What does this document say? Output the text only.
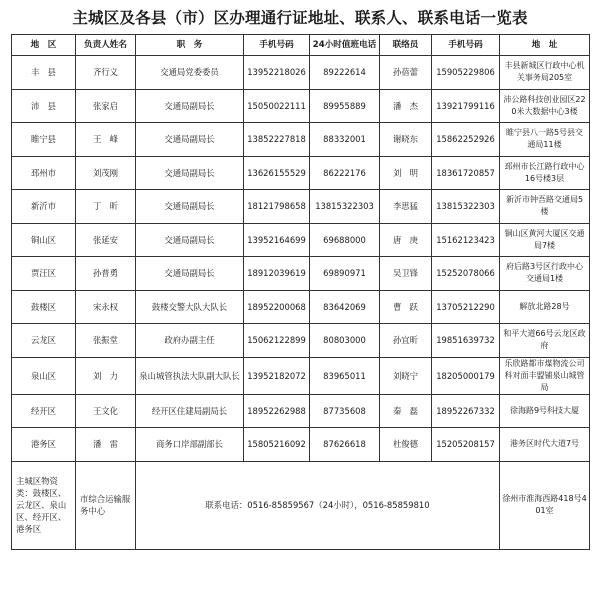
主城区及各县（市）区办理通行证地址、联系人、联系电话一览表
地　区	负责人姓名	职　务	手机号码	24小时值班电话	联络员	手机号码	地　址
丰　县	齐行义	交通局党委委员	13952218026	89222614	孙蓓蕾	15905229806	丰县新城区行政中心机关事务局205室
沛　县	张家启	交通局副局长	15050022111	89955889	潘　杰	13921799116	沛公路科技创业园区220米大数据中心3楼
睢宁县	王　峰	交通局副局长	13852227818	88332001	谢晓东	15862252926	睢宁县八一路5号县交通局11楼
邳州市	刘茂刚	交通局副局长	13626155529	86222176	刘　明	18361720857	邳州市长江路行政中心16号楼3层
新沂市	丁　昕	交通局副局长	18121798658	13815322303	李思猛	13815322303	新沂市钟吾路交通局5楼
铜山区	张延安	交通局副局长	13952164699	69688000	唐　庚	15162123423	铜山区黄河大厦区交通局7楼
贾汪区	孙普勇	交通局副局长	18912039619	69890971	吴卫锋	15252078066	府后路3号区行政中心交通局1楼
鼓楼区	宋永权	鼓楼交警大队大队长	18952200068	83642069	曹　跃	13705212290	解放北路28号
云龙区	张振堂	政府办副主任	15062122899	80803000	孙宜昕	19851639732	和平大道66号云龙区政府
泉山区	刘　力	泉山城管执法大队副大队长	13952182072	83965011	刘晓宁	18205000179	乐欣路都市煤物流公司科对面丰盟铺泉山城管局
经开区	王文化	经开区住建局副局长	18952262988	87735608	秦　磊	18952267332	徐海路9号科技大厦
港务区	潘　雷	商务口岸部副部长	15805216092	87626618	杜俊德	15205208157	港务区时代大道7号
主城区物资类：鼓楼区、云龙区、泉山区、经开区、港务区	市综合运输服务中心	联系电话：0516-85859567（24小时），0516-85859810					徐州市淮海西路418号401室
